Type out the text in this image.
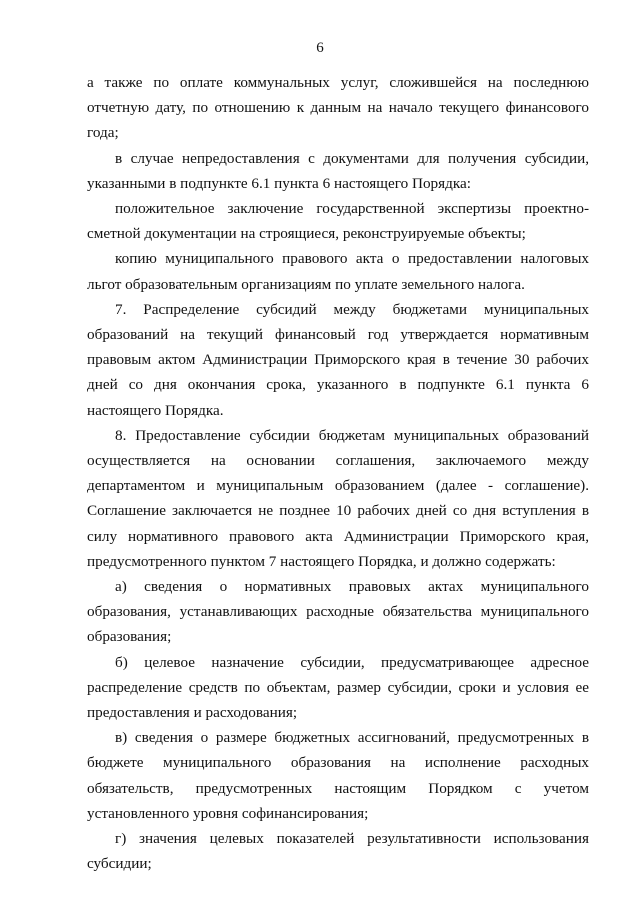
6

а также по оплате коммунальных услуг, сложившейся на последнюю отчетную дату, по отношению к данным на начало текущего финансового года;

в случае непредоставления с документами для получения субсидии, указанными в подпункте 6.1 пункта 6 настоящего Порядка:

положительное заключение государственной экспертизы проектно-сметной документации на строящиеся, реконструируемые объекты;

копию муниципального правового акта о предоставлении налоговых льгот образовательным организациям по уплате земельного налога.

7. Распределение субсидий между бюджетами муниципальных образований на текущий финансовый год утверждается нормативным правовым актом Администрации Приморского края в течение 30 рабочих дней со дня окончания срока, указанного в подпункте 6.1 пункта 6 настоящего Порядка.

8. Предоставление субсидии бюджетам муниципальных образований осуществляется на основании соглашения, заключаемого между департаментом и муниципальным образованием (далее - соглашение). Соглашение заключается не позднее 10 рабочих дней со дня вступления в силу нормативного правового акта Администрации Приморского края, предусмотренного пунктом 7 настоящего Порядка, и должно содержать:

а) сведения о нормативных правовых актах муниципального образования, устанавливающих расходные обязательства муниципального образования;

б) целевое назначение субсидии, предусматривающее адресное распределение средств по объектам, размер субсидии, сроки и условия ее предоставления и расходования;

в) сведения о размере бюджетных ассигнований, предусмотренных в бюджете муниципального образования на исполнение расходных обязательств, предусмотренных настоящим Порядком с учетом установленного уровня софинансирования;

г) значения целевых показателей результативности использования субсидии;
